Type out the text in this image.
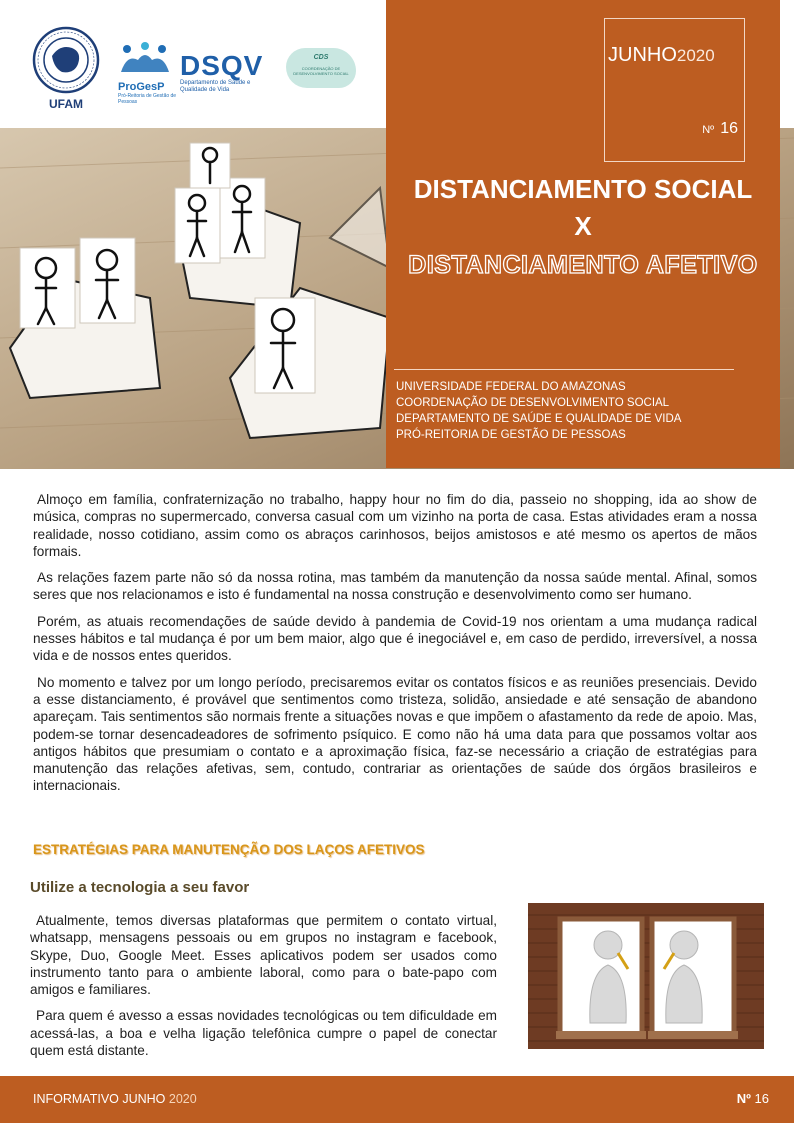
UFAM
ProGesP
Pró-Reitoria de Gestão de Pessoas
DSQV
Departamento de Saúde e
Qualidade de Vida
CDS
COORDENAÇÃO DE DESENVOLVIMENTO SOCIAL
JUNHO2020
Nº 16
DISTANCIAMENTO SOCIAL
X
DISTANCIAMENTO AFETIVO
UNIVERSIDADE FEDERAL DO AMAZONAS
COORDENAÇÃO DE DESENVOLVIMENTO SOCIAL
DEPARTAMENTO DE SAÚDE E QUALIDADE DE VIDA
PRÓ-REITORIA DE GESTÃO DE PESSOAS

Almoço em família, confraternização no trabalho, happy hour no fim do dia, passeio no shopping, ida ao show de música, compras no supermercado, conversa casual com um vizinho na porta de casa. Estas atividades eram a nossa realidade, nosso cotidiano, assim como os abraços carinhosos, beijos amistosos e até mesmo os apertos de mãos formais.

As relações fazem parte não só da nossa rotina, mas também da manutenção da nossa saúde mental. Afinal, somos seres que nos relacionamos e isto é fundamental na nossa construção e desenvolvimento como ser humano.

Porém, as atuais recomendações de saúde devido à pandemia de Covid-19 nos orientam a uma mudança radical nesses hábitos e tal mudança é por um bem maior, algo que é inegociável e, em caso de perdido, irreversível, a nossa vida e de nossos entes queridos.

No momento e talvez por um longo período, precisaremos evitar os contatos físicos e as reuniões presenciais. Devido a esse distanciamento, é provável que sentimentos como tristeza, solidão, ansiedade e até sensação de abandono apareçam. Tais sentimentos são normais frente a situações novas e que impõem o afastamento da rede de apoio. Mas, podem-se tornar desencadeadores de sofrimento psíquico. E como não há uma data para que possamos voltar aos antigos hábitos que presumiam o contato e a aproximação física, faz-se necessário a criação de estratégias para manutenção das relações afetivas, sem, contudo, contrariar as orientações de saúde dos órgãos brasileiros e internacionais.

ESTRATÉGIAS PARA MANUTENÇÃO DOS LAÇOS AFETIVOS
Utilize a tecnologia a seu favor

Atualmente, temos diversas plataformas que permitem o contato virtual, whatsapp, mensagens pessoais ou em grupos no instagram e facebook, Skype, Duo, Google Meet. Esses aplicativos podem ser usados como instrumento tanto para o ambiente laboral, como para o bate-papo com amigos e familiares.

Para quem é avesso a essas novidades tecnológicas ou tem dificuldade em acessá-las, a boa e velha ligação telefônica cumpre o papel de conectar quem está distante.

INFORMATIVO JUNHO 2020	Nº 16
